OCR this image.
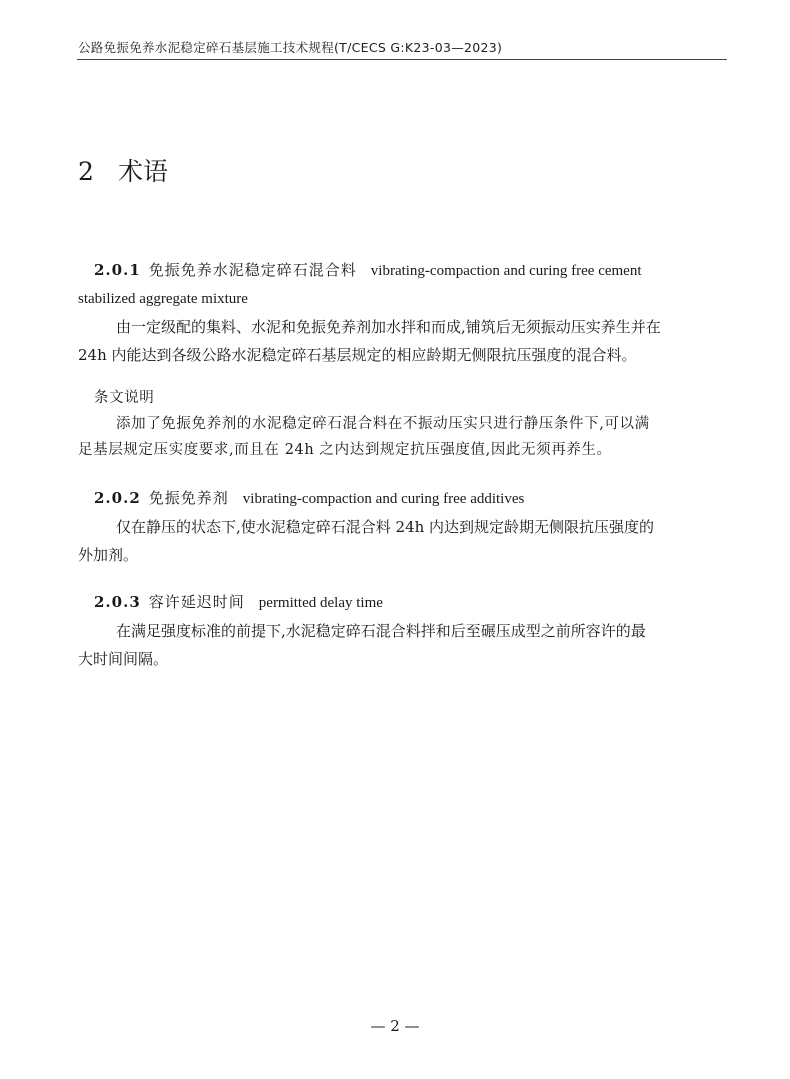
公路免振免养水泥稳定碎石基层施工技术规程(T/CECS G:K23-03—2023)
2 术语
2.0.1 免振免养水泥稳定碎石混合料 vibrating-compaction and curing free cement
stabilized aggregate mixture
由一定级配的集料、水泥和免振免养剂加水拌和而成,铺筑后无须振动压实养生并在
24h 内能达到各级公路水泥稳定碎石基层规定的相应龄期无侧限抗压强度的混合料。
条文说明
添加了免振免养剂的水泥稳定碎石混合料在不振动压实只进行静压条件下,可以满
足基层规定压实度要求,而且在 24h 之内达到规定抗压强度值,因此无须再养生。
2.0.2 免振免养剂 vibrating-compaction and curing free additives
仅在静压的状态下,使水泥稳定碎石混合料 24h 内达到规定龄期无侧限抗压强度的
外加剂。
2.0.3 容许延迟时间 permitted delay time
在满足强度标准的前提下,水泥稳定碎石混合料拌和后至碾压成型之前所容许的最
大时间间隔。
— 2 —
